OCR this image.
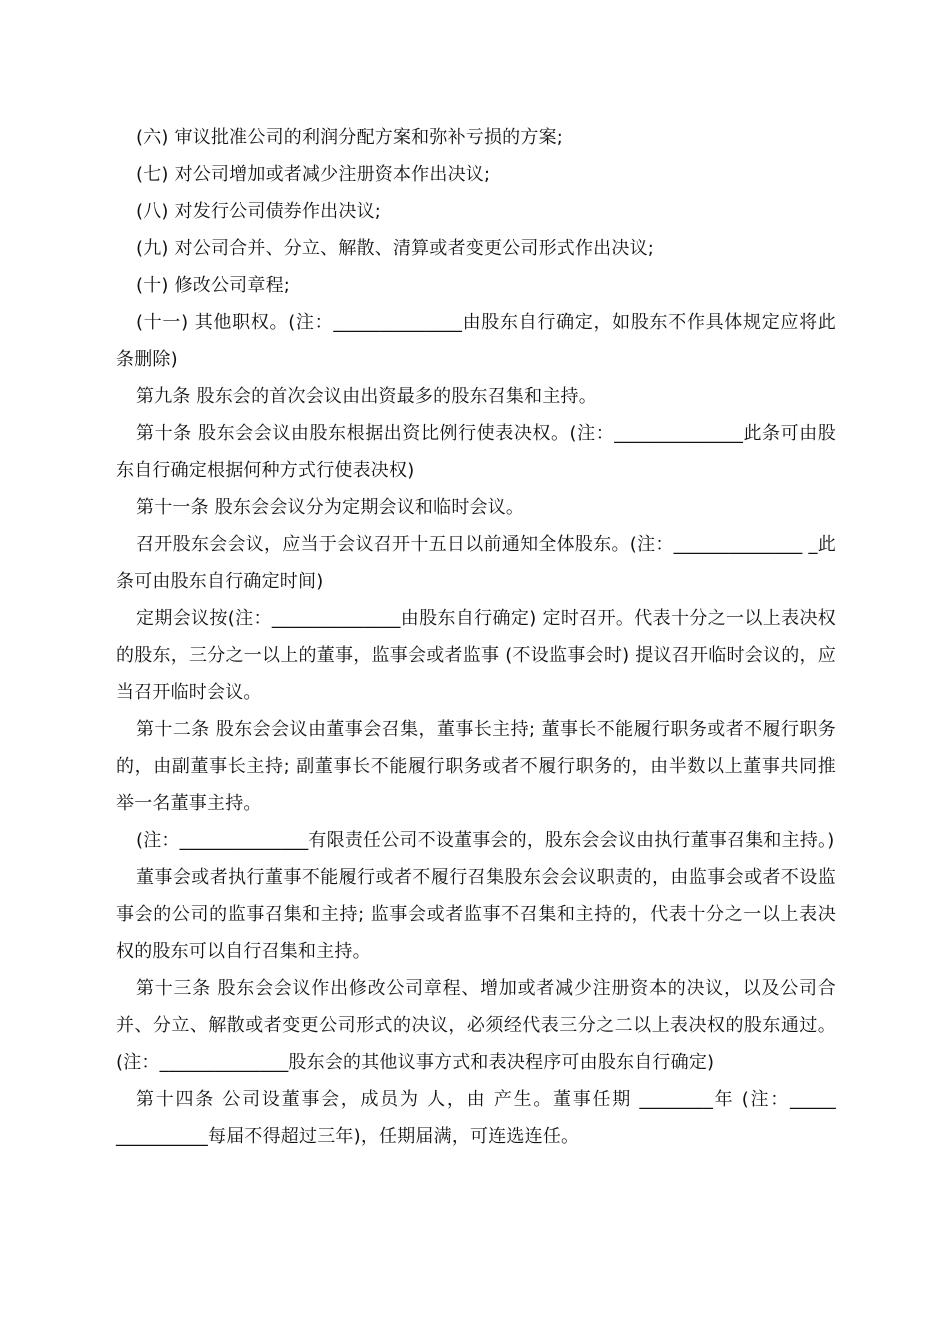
(六) 审议批准公司的利润分配方案和弥补亏损的方案;

(七) 对公司增加或者减少注册资本作出决议;

(八) 对发行公司债券作出决议;

(九) 对公司合并、分立、解散、清算或者变更公司形式作出决议;

(十) 修改公司章程;

(十一) 其他职权。(注：______________由股东自行确定，如股东不作具体规定应将此条删除)

第九条 股东会的首次会议由出资最多的股东召集和主持。

第十条 股东会会议由股东根据出资比例行使表决权。(注：______________此条可由股东自行确定根据何种方式行使表决权)

第十一条 股东会会议分为定期会议和临时会议。

召开股东会会议，应当于会议召开十五日以前通知全体股东。(注：______________ _此条可由股东自行确定时间)

定期会议按(注：______________由股东自行确定) 定时召开。代表十分之一以上表决权的股东，三分之一以上的董事，监事会或者监事 (不设监事会时) 提议召开临时会议的，应当召开临时会议。

第十二条 股东会会议由董事会召集，董事长主持; 董事长不能履行职务或者不履行职务的，由副董事长主持; 副董事长不能履行职务或者不履行职务的，由半数以上董事共同推举一名董事主持。

(注：______________有限责任公司不设董事会的，股东会会议由执行董事召集和主持。)

董事会或者执行董事不能履行或者不履行召集股东会会议职责的，由监事会或者不设监事会的公司的监事召集和主持; 监事会或者监事不召集和主持的，代表十分之一以上表决权的股东可以自行召集和主持。

第十三条 股东会会议作出修改公司章程、增加或者减少注册资本的决议，以及公司合并、分立、解散或者变更公司形式的决议，必须经代表三分之二以上表决权的股东通过。(注：______________股东会的其他议事方式和表决程序可由股东自行确定)

第十四条 公司设董事会，成员为 人，由 产生。董事任期 ________年 (注：_____ __________每届不得超过三年)，任期届满，可连选连任。
